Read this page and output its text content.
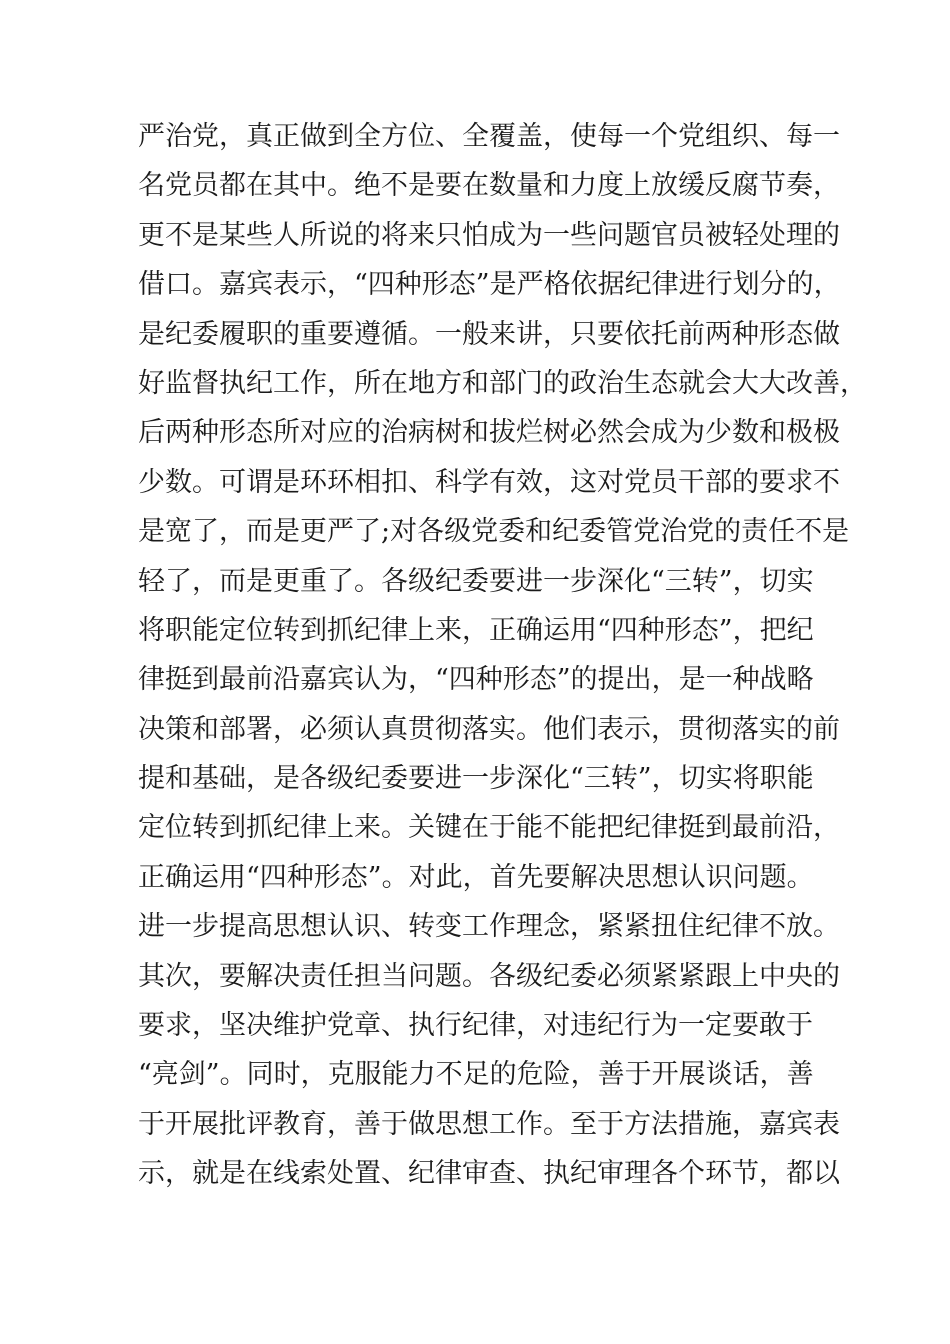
严治党，真正做到全方位、全覆盖，使每一个党组织、每一
名党员都在其中。绝不是要在数量和力度上放缓反腐节奏，
更不是某些人所说的将来只怕成为一些问题官员被轻处理的
借口。嘉宾表示，“四种形态”是严格依据纪律进行划分的，
是纪委履职的重要遵循。一般来讲，只要依托前两种形态做
好监督执纪工作，所在地方和部门的政治生态就会大大改善，
后两种形态所对应的治病树和拔烂树必然会成为少数和极极
少数。可谓是环环相扣、科学有效，这对党员干部的要求不
是宽了，而是更严了;对各级党委和纪委管党治党的责任不是
轻了，而是更重了。各级纪委要进一步深化“三转”，切实
将职能定位转到抓纪律上来，正确运用“四种形态”，把纪
律挺到最前沿嘉宾认为，“四种形态”的提出，是一种战略
决策和部署，必须认真贯彻落实。他们表示，贯彻落实的前
提和基础，是各级纪委要进一步深化“三转”，切实将职能
定位转到抓纪律上来。关键在于能不能把纪律挺到最前沿，
正确运用“四种形态”。对此，首先要解决思想认识问题。
进一步提高思想认识、转变工作理念，紧紧扭住纪律不放。
其次，要解决责任担当问题。各级纪委必须紧紧跟上中央的
要求，坚决维护党章、执行纪律，对违纪行为一定要敢于
“亮剑”。同时，克服能力不足的危险，善于开展谈话，善
于开展批评教育，善于做思想工作。至于方法措施，嘉宾表
示，就是在线索处置、纪律审查、执纪审理各个环节，都以
